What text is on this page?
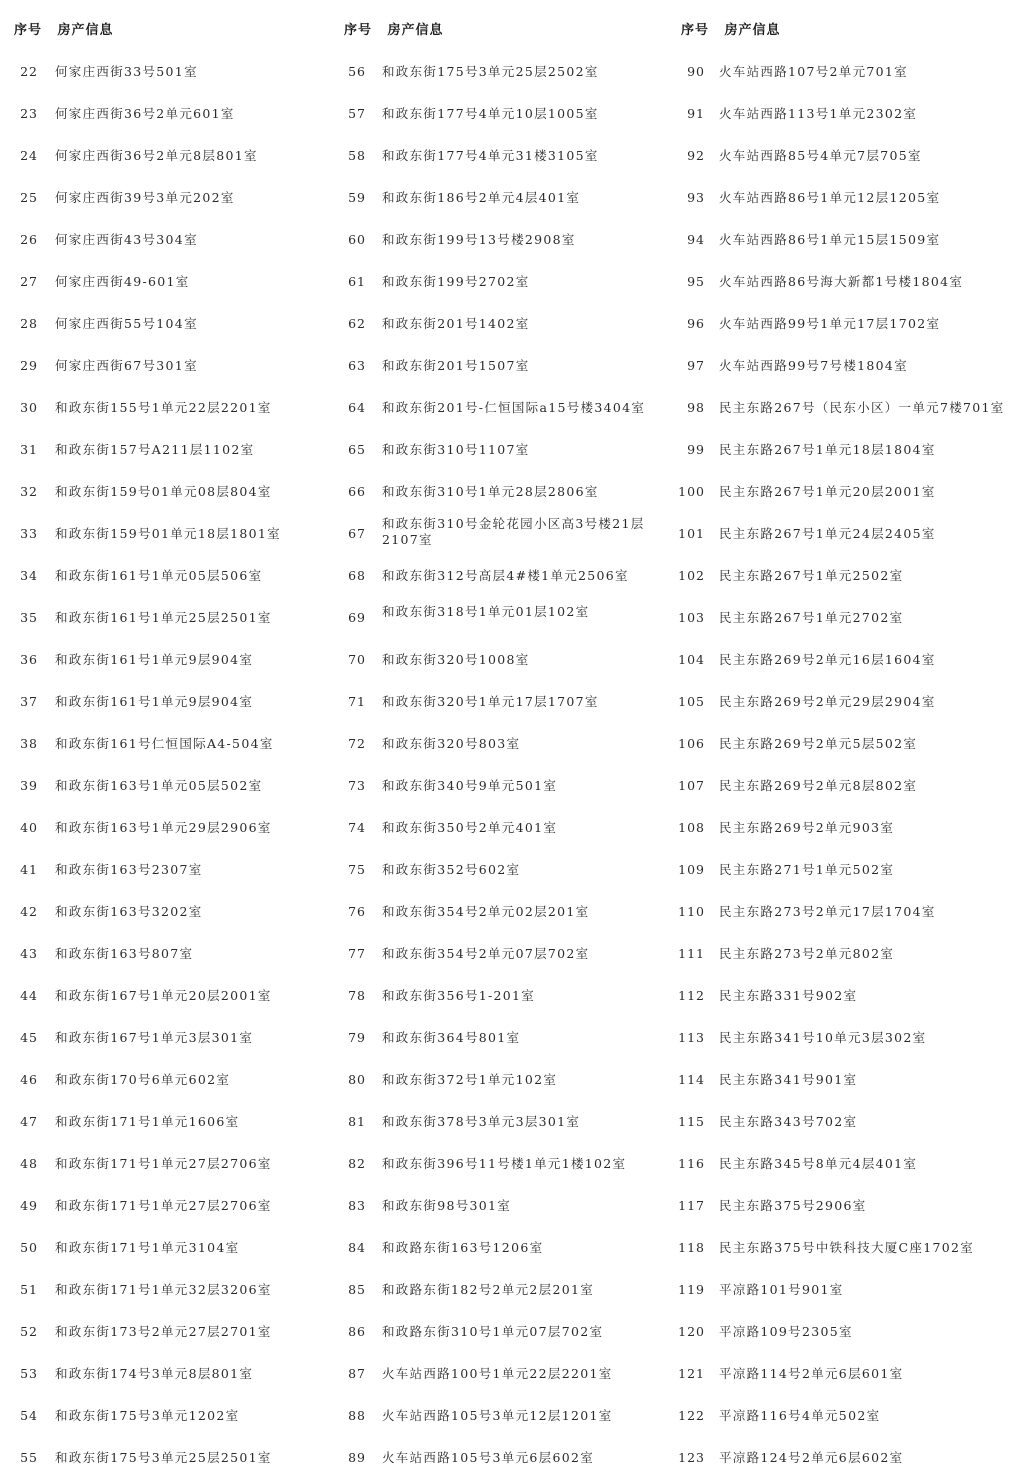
序号 房产信息
22 何家庄西街33号501室
23 何家庄西街36号2单元601室
24 何家庄西街36号2单元8层801室
25 何家庄西街39号3单元202室
26 何家庄西街43号304室
27 何家庄西街49-601室
28 何家庄西街55号104室
29 何家庄西街67号301室
30 和政东街155号1单元22层2201室
31 和政东街157号A211层1102室
32 和政东街159号01单元08层804室
33 和政东街159号01单元18层1801室
34 和政东街161号1单元05层506室
35 和政东街161号1单元25层2501室
36 和政东街161号1单元9层904室
37 和政东街161号1单元9层904室
38 和政东街161号仁恒国际A4-504室
39 和政东街163号1单元05层502室
40 和政东街163号1单元29层2906室
41 和政东街163号2307室
42 和政东街163号3202室
43 和政东街163号807室
44 和政东街167号1单元20层2001室
45 和政东街167号1单元3层301室
46 和政东街170号6单元602室
47 和政东街171号1单元1606室
48 和政东街171号1单元27层2706室
49 和政东街171号1单元27层2706室
50 和政东街171号1单元3104室
51 和政东街171号1单元32层3206室
52 和政东街173号2单元27层2701室
53 和政东街174号3单元8层801室
54 和政东街175号3单元1202室
55 和政东街175号3单元25层2501室
序号 房产信息
56 和政东街175号3单元25层2502室
57 和政东街177号4单元10层1005室
58 和政东街177号4单元31楼3105室
59 和政东街186号2单元4层401室
60 和政东街199号13号楼2908室
61 和政东街199号2702室
62 和政东街201号1402室
63 和政东街201号1507室
64 和政东街201号-仁恒国际a15号楼3404室
65 和政东街310号1107室
66 和政东街310号1单元28层2806室
67
和政东街310号金轮花园小区高3号楼21层2107室
68 和政东街312号高层4#楼1单元2506室
69 和政东街318号1单元01层102室
70 和政东街320号1008室
71 和政东街320号1单元17层1707室
72 和政东街320号803室
73 和政东街340号9单元501室
74 和政东街350号2单元401室
75 和政东街352号602室
76 和政东街354号2单元02层201室
77 和政东街354号2单元07层702室
78 和政东街356号1-201室
79 和政东街364号801室
80 和政东街372号1单元102室
81 和政东街378号3单元3层301室
82 和政东街396号11号楼1单元1楼102室
83 和政东街98号301室
84 和政路东街163号1206室
85 和政路东街182号2单元2层201室
86 和政路东街310号1单元07层702室
87 火车站西路100号1单元22层2201室
88 火车站西路105号3单元12层1201室
89 火车站西路105号3单元6层602室
序号 房产信息
90 火车站西路107号2单元701室
91 火车站西路113号1单元2302室
92 火车站西路85号4单元7层705室
93 火车站西路86号1单元12层1205室
94 火车站西路86号1单元15层1509室
95 火车站西路86号海大新都1号楼1804室
96 火车站西路99号1单元17层1702室
97 火车站西路99号7号楼1804室
98 民主东路267号（民东小区）一单元7楼701室
99 民主东路267号1单元18层1804室
100 民主东路267号1单元20层2001室
101 民主东路267号1单元24层2405室
102 民主东路267号1单元2502室
103 民主东路267号1单元2702室
104 民主东路269号2单元16层1604室
105 民主东路269号2单元29层2904室
106 民主东路269号2单元5层502室
107 民主东路269号2单元8层802室
108 民主东路269号2单元903室
109 民主东路271号1单元502室
110 民主东路273号2单元17层1704室
111 民主东路273号2单元802室
112 民主东路331号902室
113 民主东路341号10单元3层302室
114 民主东路341号901室
115 民主东路343号702室
116 民主东路345号8单元4层401室
117 民主东路375号2906室
118 民主东路375号中铁科技大厦C座1702室
119 平凉路101号901室
120 平凉路109号2305室
121 平凉路114号2单元6层601室
122 平凉路116号4单元502室
123 平凉路124号2单元6层602室
